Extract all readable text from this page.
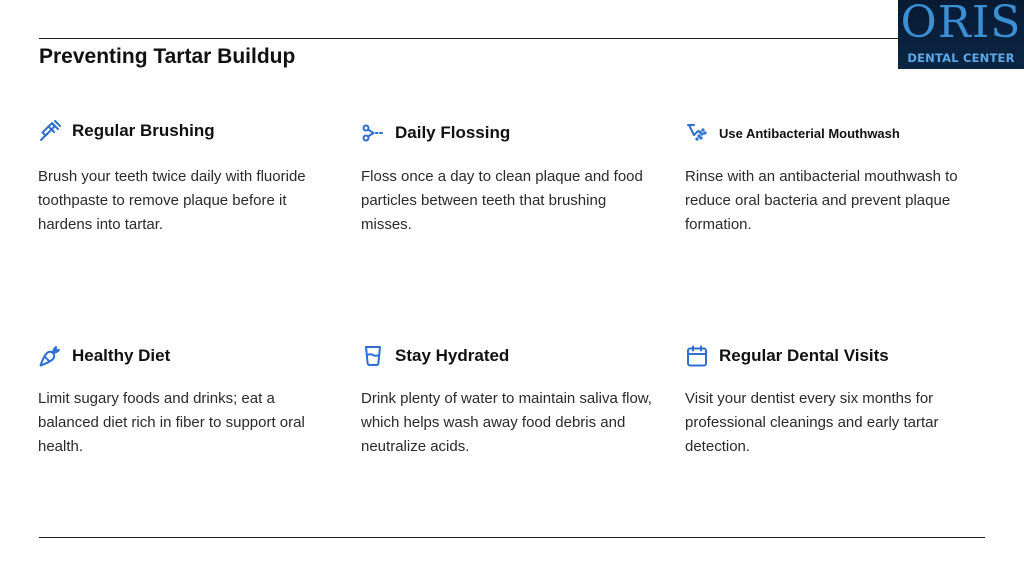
ORIS
DENTAL CENTER
Preventing Tartar Buildup
Regular Brushing

Brush your teeth twice daily with fluoride toothpaste to remove plaque before it hardens into tartar.

Daily Flossing

Floss once a day to clean plaque and food particles between teeth that brushing misses.

Use Antibacterial Mouthwash

Rinse with an antibacterial mouthwash to reduce oral bacteria and prevent plaque formation.

Healthy Diet

Limit sugary foods and drinks; eat a balanced diet rich in fiber to support oral health.

Stay Hydrated

Drink plenty of water to maintain saliva flow, which helps wash away food debris and neutralize acids.

Regular Dental Visits

Visit your dentist every six months for professional cleanings and early tartar detection.
